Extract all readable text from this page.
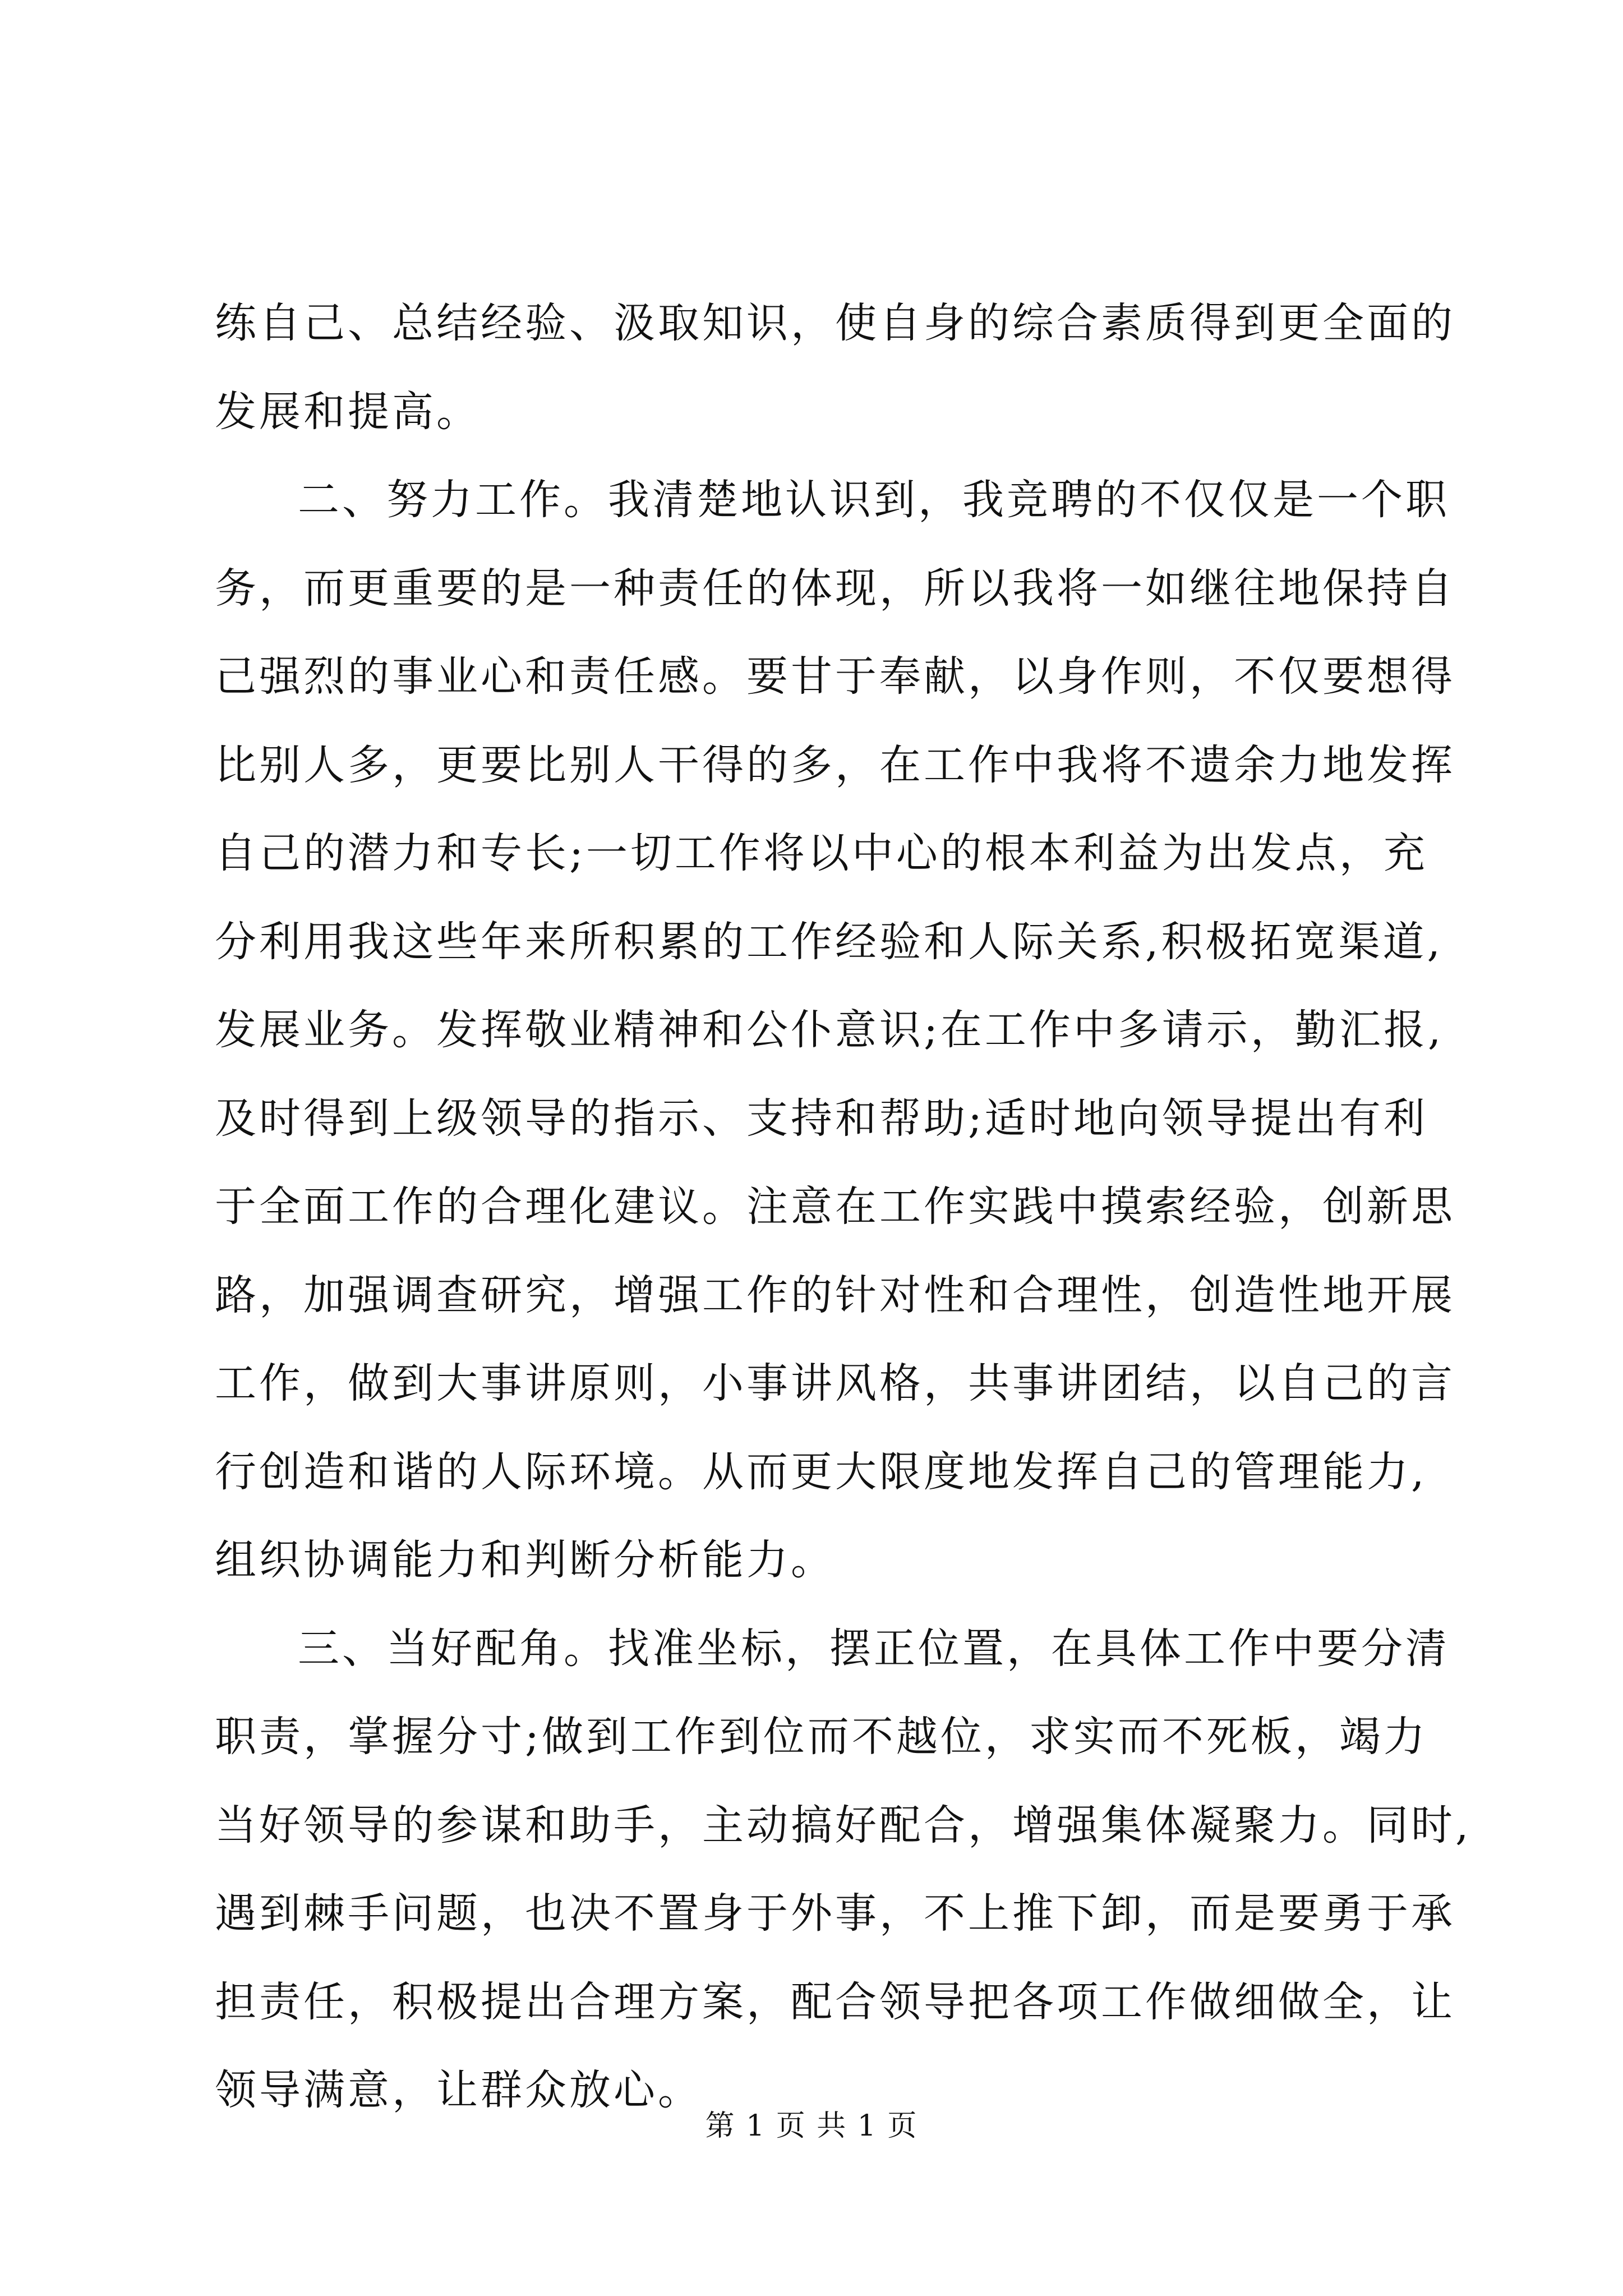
练自己、总结经验、汲取知识，使自身的综合素质得到更全面的
发展和提高。
二、努力工作。我清楚地认识到，我竞聘的不仅仅是一个职
务，而更重要的是一种责任的体现，所以我将一如继往地保持自
己强烈的事业心和责任感。要甘于奉献，以身作则，不仅要想得
比别人多，更要比别人干得的多，在工作中我将不遗余力地发挥
自己的潜力和专长;一切工作将以中心的根本利益为出发点，充
分利用我这些年来所积累的工作经验和人际关系,积极拓宽渠道,
发展业务。发挥敬业精神和公仆意识;在工作中多请示，勤汇报,
及时得到上级领导的指示、支持和帮助;适时地向领导提出有利
于全面工作的合理化建议。注意在工作实践中摸索经验，创新思
路，加强调查研究，增强工作的针对性和合理性，创造性地开展
工作，做到大事讲原则，小事讲风格，共事讲团结，以自己的言
行创造和谐的人际环境。从而更大限度地发挥自己的管理能力,
组织协调能力和判断分析能力。
三、当好配角。找准坐标，摆正位置，在具体工作中要分清
职责，掌握分寸;做到工作到位而不越位，求实而不死板，竭力
当好领导的参谋和助手，主动搞好配合，增强集体凝聚力。同时,
遇到棘手问题，也决不置身于外事，不上推下卸，而是要勇于承
担责任，积极提出合理方案，配合领导把各项工作做细做全，让
领导满意，让群众放心。
第 1 页 共 1 页
